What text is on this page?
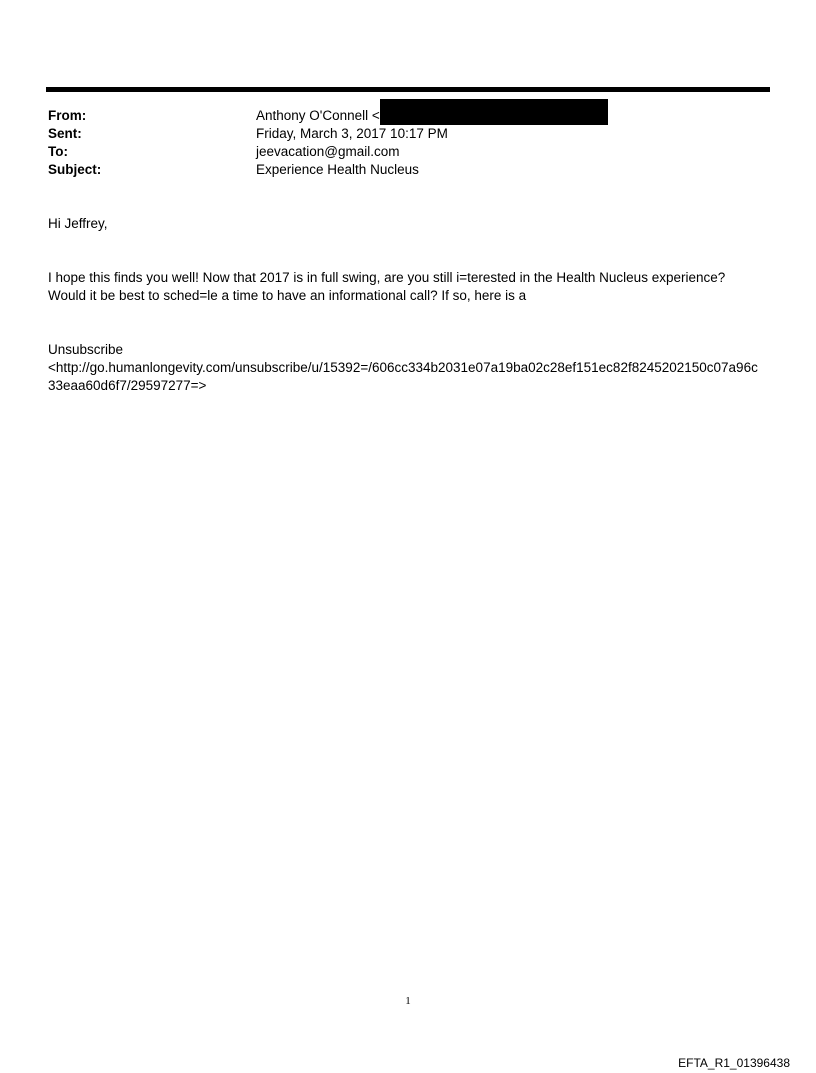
From:	Anthony O'Connell <
Sent:	Friday, March 3, 2017 10:17 PM
To:	jeevacation@gmail.com
Subject:	Experience Health Nucleus
Hi Jeffrey,
I hope this finds you well! Now that 2017 is in full swing, are you still i=terested in the Health Nucleus experience?
Would it be best to sched=le a time to have an informational call? If so, here is a
Unsubscribe
<http://go.humanlongevity.com/unsubscribe/u/15392=/606cc334b2031e07a19ba02c28ef151ec82f8245202150c07a96c
33eaa60d6f7/29597277=>
1
EFTA_R1_01396438
